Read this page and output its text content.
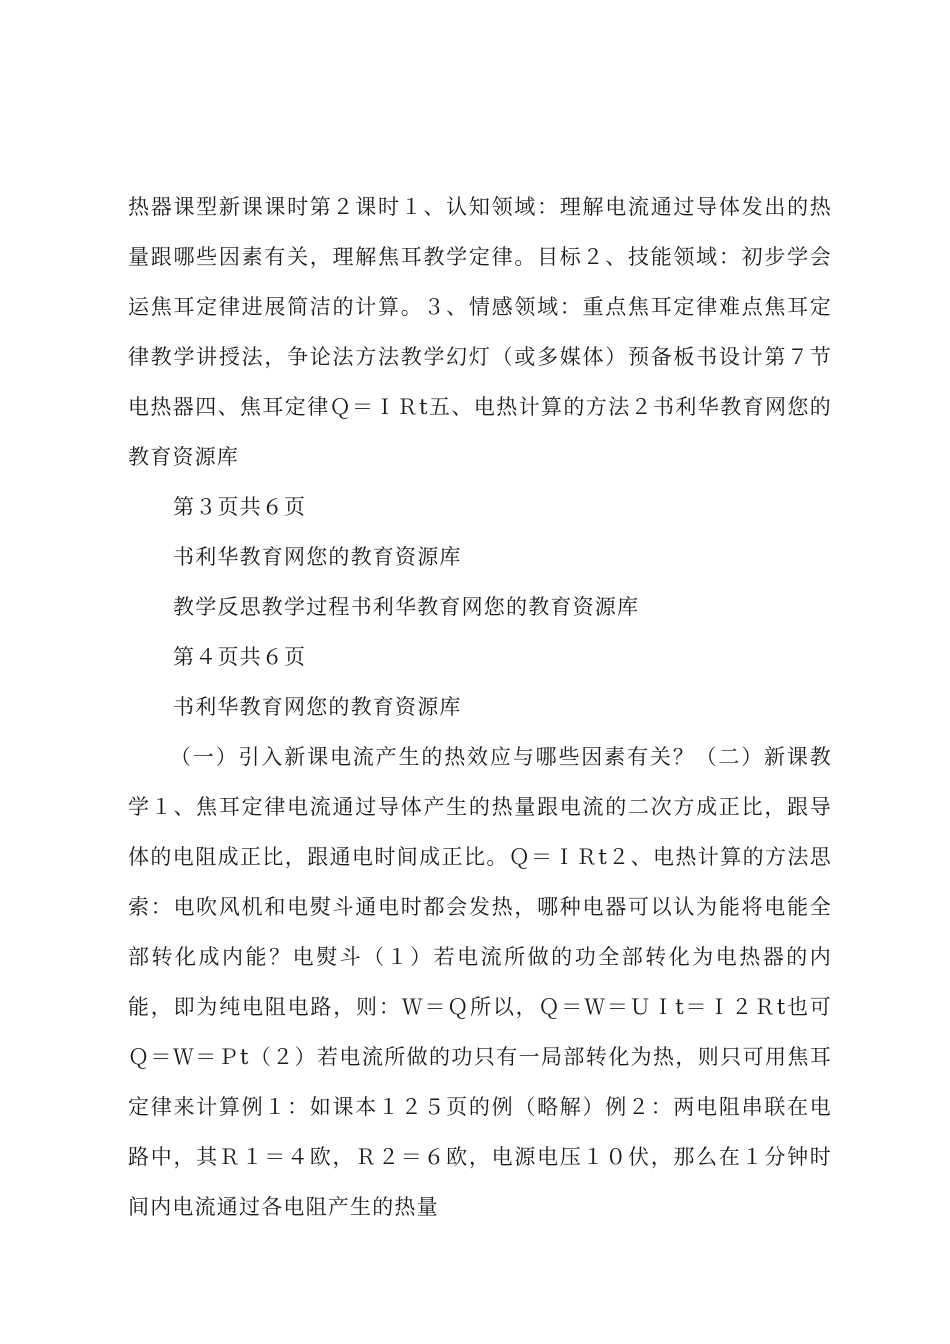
热器课型新课课时第２课时１、认知领域：理解电流通过导体发出的热量跟哪些因素有关，理解焦耳教学定律。目标２、技能领域：初步学会运焦耳定律进展简洁的计算。３、情感领域：重点焦耳定律难点焦耳定律教学讲授法，争论法方法教学幻灯（或多媒体）预备板书设计第７节电热器四、焦耳定律Ｑ＝ＩＲt五、电热计算的方法２书利华教育网您的教育资源库

第３页共６页

书利华教育网您的教育资源库

教学反思教学过程书利华教育网您的教育资源库

第４页共６页

书利华教育网您的教育资源库

（一）引入新课电流产生的热效应与哪些因素有关？（二）新课教学１、焦耳定律电流通过导体产生的热量跟电流的二次方成正比，跟导体的电阻成正比，跟通电时间成正比。Ｑ＝ＩＲt２、电热计算的方法思索：电吹风机和电熨斗通电时都会发热，哪种电器可以认为能将电能全部转化成内能？电熨斗（１）若电流所做的功全部转化为电热器的内能，即为纯电阻电路，则：Ｗ＝Ｑ所以，Ｑ＝Ｗ＝ＵＩt＝Ｉ２Ｒt也可Ｑ＝Ｗ＝Ｐt（２）若电流所做的功只有一局部转化为热，则只可用焦耳定律来计算例１：如课本１２５页的例（略解）例２：两电阻串联在电路中，其Ｒ１＝４欧，Ｒ２＝６欧，电源电压１０伏，那么在１分钟时间内电流通过各电阻产生的热量
